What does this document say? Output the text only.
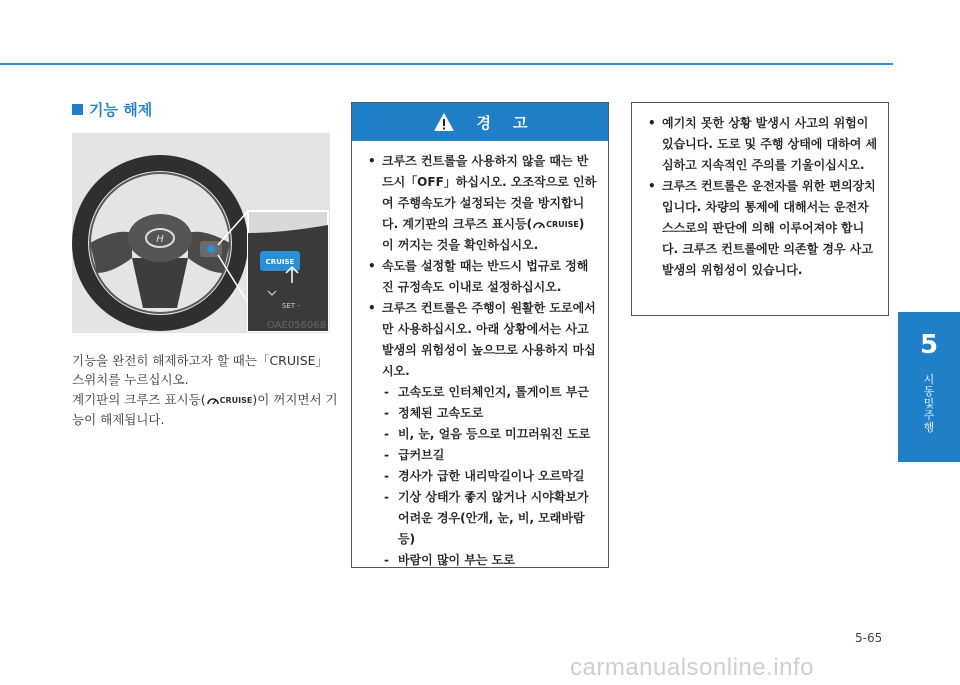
기능 해제
H
CRUISE
SET -
OAE056068

기능을 완전히 해제하고자 할 때는「CRUISE」 스위치를 누르십시오.

계기판의 크루즈 표시등( CRUISE)이 꺼지면서 기능이 해제됩니다.

경 고
• 크루즈 컨트롤을 사용하지 않을 때는 반드시「OFF」하십시오. 오조작으로 인하여 주행속도가 설정되는 것을 방지합니다. 계기판의 크루즈 표시등( CRUISE) 이 꺼지는 것을 확인하십시오.
• 속도를 설정할 때는 반드시 법규로 정해진 규정속도 이내로 설정하십시오.
• 크루즈 컨트롤은 주행이 원활한 도로에서만 사용하십시오. 아래 상황에서는 사고 발생의 위험성이 높으므로 사용하지 마십시오.
- 고속도로 인터체인지, 톨게이트 부근
- 정체된 고속도로
- 비, 눈, 얼음 등으로 미끄러워진 도로
- 급커브길
- 경사가 급한 내리막길이나 오르막길
- 기상 상태가 좋지 않거나 시야확보가 어려운 경우(안개, 눈, 비, 모래바람 등)
- 바람이 많이 부는 도로
• 예기치 못한 상황 발생시 사고의 위험이 있습니다. 도로 및 주행 상태에 대하여 세심하고 지속적인 주의를 기울이십시오.
• 크루즈 컨트롤은 운전자를 위한 편의장치입니다. 차량의 통제에 대해서는 운전자 스스로의 판단에 의해 이루어져야 합니다. 크루즈 컨트롤에만 의존할 경우 사고 발생의 위험성이 있습니다.
5
시동 및 주행
5-65
carmanualsonline.info
